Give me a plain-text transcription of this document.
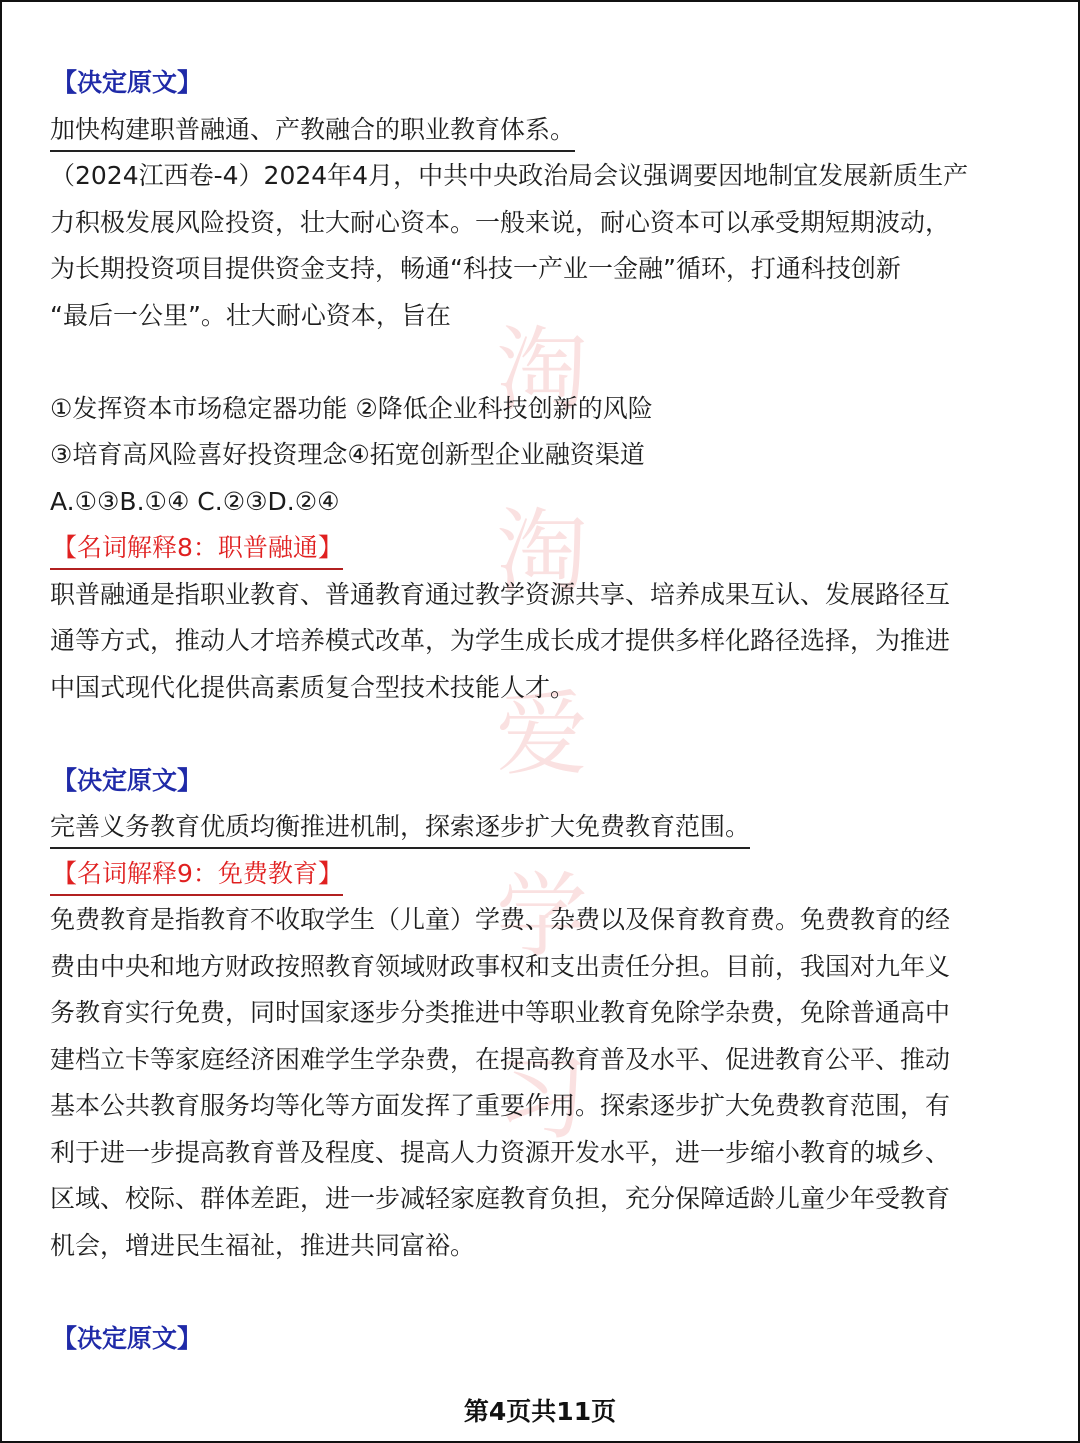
【决定原文】
加快构建职普融通、产教融合的职业教育体系。
（2024江西卷-4）2024年4月，中共中央政治局会议强调要因地制宜发展新质生产
力积极发展风险投资，壮大耐心资本。一般来说，耐心资本可以承受期短期波动，
为长期投资项目提供资金支持，畅通“科技一产业一金融”循环，打通科技创新
“最后一公里”。壮大耐心资本，旨在
①发挥资本市场稳定器功能 ②降低企业科技创新的风险
③培育高风险喜好投资理念④拓宽创新型企业融资渠道
A.①③B.①④ C.②③D.②④
【名词解释8：职普融通】
职普融通是指职业教育、普通教育通过教学资源共享、培养成果互认、发展路径互
通等方式，推动人才培养模式改革，为学生成长成才提供多样化路径选择，为推进
中国式现代化提供高素质复合型技术技能人才。
【决定原文】
完善义务教育优质均衡推进机制，探索逐步扩大免费教育范围。
【名词解释9：免费教育】
免费教育是指教育不收取学生（儿童）学费、杂费以及保育教育费。免费教育的经
费由中央和地方财政按照教育领域财政事权和支出责任分担。目前，我国对九年义
务教育实行免费，同时国家逐步分类推进中等职业教育免除学杂费，免除普通高中
建档立卡等家庭经济困难学生学杂费，在提高教育普及水平、促进教育公平、推动
基本公共教育服务均等化等方面发挥了重要作用。探索逐步扩大免费教育范围，有
利于进一步提高教育普及程度、提高人力资源开发水平，进一步缩小教育的城乡、
区域、校际、群体差距，进一步减轻家庭教育负担，充分保障适龄儿童少年受教育
机会，增进民生福祉，推进共同富裕。
【决定原文】
第4页共11页
